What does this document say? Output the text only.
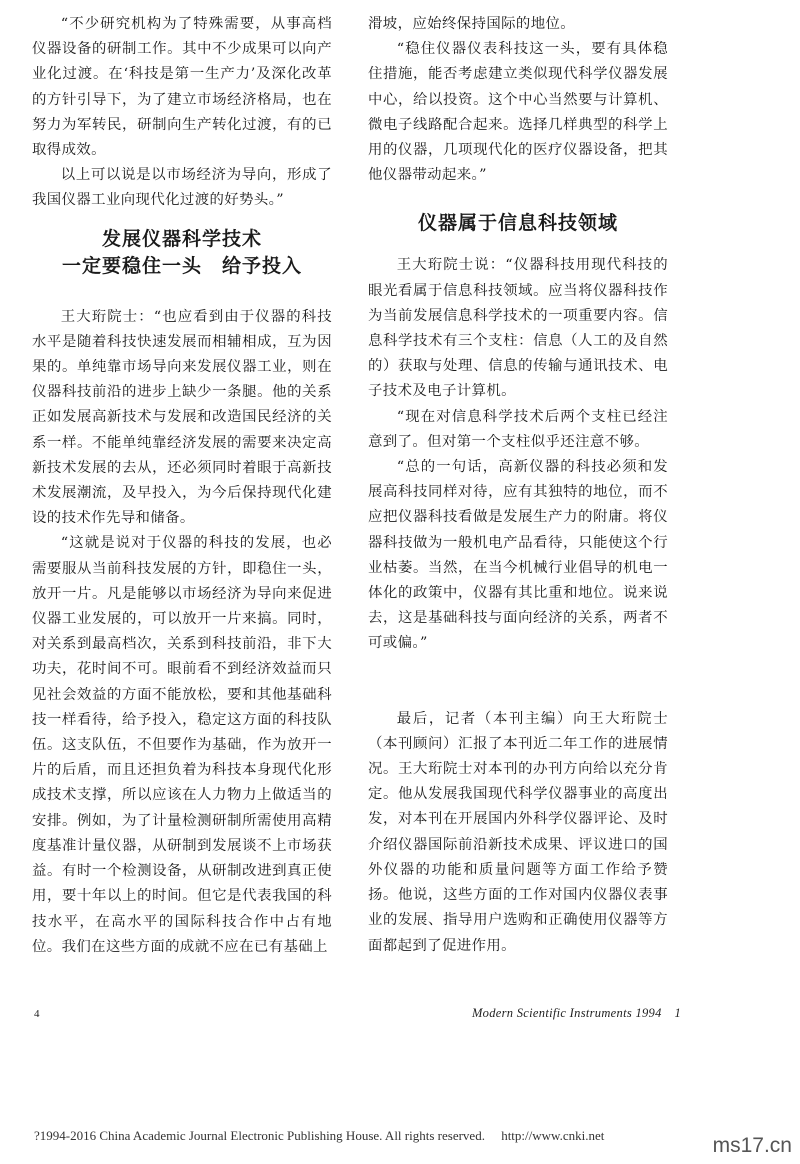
“不少研究机构为了特殊需要，从事高档仪器设备的研制工作。其中不少成果可以向产业化过渡。在‘科技是第一生产力’及深化改革的方针引导下，为了建立市场经济格局，也在努力为军转民，研制向生产转化过渡，有的已取得成效。

以上可以说是以市场经济为导向，形成了我国仪器工业向现代化过渡的好势头。”

发展仪器科学技术
一定要稳住一头　给予投入

王大珩院士：“也应看到由于仪器的科技水平是随着科技快速发展而相辅相成，互为因果的。单纯靠市场导向来发展仪器工业，则在仪器科技前沿的进步上缺少一条腿。他的关系正如发展高新技术与发展和改造国民经济的关系一样。不能单纯靠经济发展的需要来决定高新技术发展的去从，还必须同时着眼于高新技术发展潮流，及早投入，为今后保持现代化建设的技术作先导和储备。

“这就是说对于仪器的科技的发展，也必需要服从当前科技发展的方针，即稳住一头，放开一片。凡是能够以市场经济为导向来促进仪器工业发展的，可以放开一片来搞。同时，对关系到最高档次，关系到科技前沿，非下大功夫，花时间不可。眼前看不到经济效益而只见社会效益的方面不能放松，要和其他基础科技一样看待，给予投入，稳定这方面的科技队伍。这支队伍，不但要作为基础，作为放开一片的后盾，而且还担负着为科技本身现代化形成技术支撑，所以应该在人力物力上做适当的安排。例如，为了计量检测研制所需使用高精度基准计量仪器，从研制到发展谈不上市场获益。有时一个检测设备，从研制改进到真正使用，要十年以上的时间。但它是代表我国的科技水平，在高水平的国际科技合作中占有地位。我们在这些方面的成就不应在已有基础上

滑坡，应始终保持国际的地位。

“稳住仪器仪表科技这一头，要有具体稳住措施，能否考虑建立类似现代科学仪器发展中心，给以投资。这个中心当然要与计算机、微电子线路配合起来。选择几样典型的科学上用的仪器，几项现代化的医疗仪器设备，把其他仪器带动起来。”

仪器属于信息科技领域

王大珩院士说：“仪器科技用现代科技的眼光看属于信息科技领域。应当将仪器科技作为当前发展信息科学技术的一项重要内容。信息科学技术有三个支柱：信息（人工的及自然的）获取与处理、信息的传输与通讯技术、电子技术及电子计算机。

“现在对信息科学技术后两个支柱已经注意到了。但对第一个支柱似乎还注意不够。

“总的一句话，高新仪器的科技必须和发展高科技同样对待，应有其独特的地位，而不应把仪器科技看做是发展生产力的附庸。将仪器科技做为一般机电产品看待，只能使这个行业枯萎。当然，在当今机械行业倡导的机电一体化的政策中，仪器有其比重和地位。说来说去，这是基础科技与面向经济的关系，两者不可或偏。”

最后，记者（本刊主编）向王大珩院士（本刊顾问）汇报了本刊近二年工作的进展情况。王大珩院士对本刊的办刊方向给以充分肯定。他从发展我国现代科学仪器事业的高度出发，对本刊在开展国内外科学仪器评论、及时介绍仪器国际前沿新技术成果、评议进口的国外仪器的功能和质量问题等方面工作给予赞扬。他说，这些方面的工作对国内仪器仪表事业的发展、指导用户选购和正确使用仪器等方面都起到了促进作用。

4	Modern Scientific Instruments 1994　1
?1994-2016 China Academic Journal Electronic Publishing House. All rights reserved.　 http://www.cnki.net	ms17.cn
